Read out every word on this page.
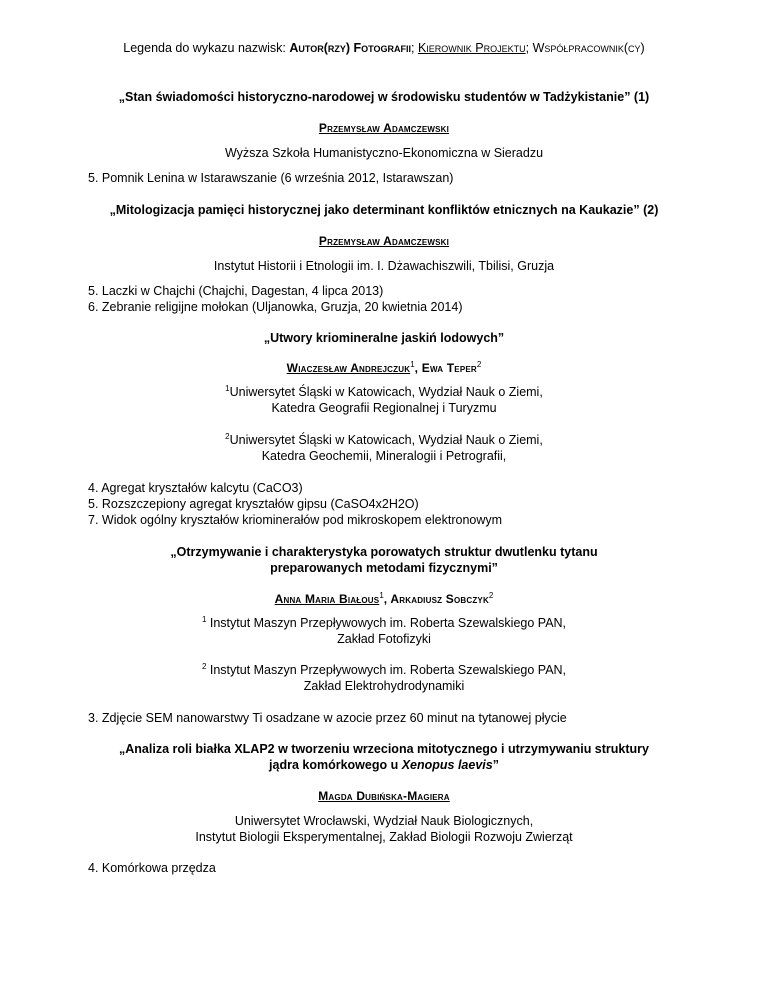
Legenda do wykazu nazwisk: Autor(rzy) Fotografii; Kierownik Projektu; Współpracownik(cy)
„Stan świadomości historyczno-narodowej w środowisku studentów w Tadżykistanie” (1)
Przemysław Adamczewski
Wyższa Szkoła Humanistyczno-Ekonomiczna w Sieradzu
5. Pomnik Lenina w Istarawszanie (6 września 2012, Istarawszan)
„Mitologizacja pamięci historycznej jako determinant konfliktów etnicznych na Kaukazie” (2)
Przemysław Adamczewski
Instytut Historii i Etnologii im. I. Dżawachiszwili, Tbilisi, Gruzja
5. Laczki w Chajchi (Chajchi, Dagestan, 4 lipca 2013)
6. Zebranie religijne mołokan (Uljanowka, Gruzja, 20 kwietnia 2014)
„Utwory kriomineralne jaskiń lodowych”
Wiaczesław Andrejczuk$^1$, Ewa Teper$^2$
$^1$Uniwersytet Śląski w Katowicach, Wydział Nauk o Ziemi,
Katedra Geografii Regionalnej i Turyzmu
$^2$Uniwersytet Śląski w Katowicach, Wydział Nauk o Ziemi,
Katedra Geochemii, Mineralogii i Petrografii,
4. Agregat kryształów kalcytu (CaCO3)
5. Rozszczepiony agregat kryształów gipsu (CaSO4x2H2O)
7. Widok ogólny kryształów kriominerałów pod mikroskopem elektronowym
„Otrzymywanie i charakterystyka porowatych struktur dwutlenku tytanu
preparowanych metodami fizycznymi”
Anna Maria Białous$^1$, Arkadiusz Sobczyk$^2$
$^1$ Instytut Maszyn Przepływowych im. Roberta Szewalskiego PAN,
Zakład Fotofizyki
$^2$ Instytut Maszyn Przepływowych im. Roberta Szewalskiego PAN,
Zakład Elektrohydrodynamiki
3. Zdjęcie SEM nanowarstwy Ti osadzane w azocie przez 60 minut na tytanowej płycie
„Analiza roli białka XLAP2 w tworzeniu wrzeciona mitotycznego i utrzymywaniu struktury
jądra komórkowego u Xenopus laevis”
Magda Dubińska-Magiera
Uniwersytet Wrocławski, Wydział Nauk Biologicznych,
Instytut Biologii Eksperymentalnej, Zakład Biologii Rozwoju Zwierząt
4. Komórkowa przędza
